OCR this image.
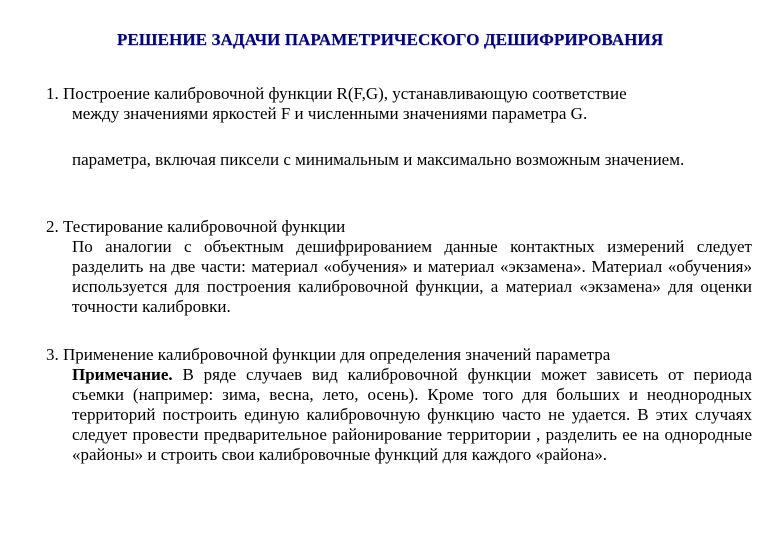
РЕШЕНИЕ ЗАДАЧИ ПАРАМЕТРИЧЕСКОГО ДЕШИФРИРОВАНИЯ
1. Построение калибровочной функции R(F,G), устанавливающую соответствие
между значениями яркостей F и численными значениями параметра G.
параметра, включая пиксели с минимальным и максимально возможным значением.
2. Тестирование калибровочной функции
По аналогии с объектным дешифрированием данные контактных измерений следует разделить на две части: материал «обучения» и материал «экзамена». Материал «обучения» используется для построения калибровочной функции, а материал «экзамена» для оценки точности калибровки.
3. Применение калибровочной функции для определения значений параметра
Примечание. В ряде случаев вид калибровочной функции может зависеть от периода съемки (например: зима, весна, лето, осень). Кроме того для больших и неоднородных территорий построить единую калибровочную функцию часто не удается. В этих случаях следует провести предварительное районирование территории , разделить ее на однородные «районы» и строить свои калибровочные функций для каждого «района».
